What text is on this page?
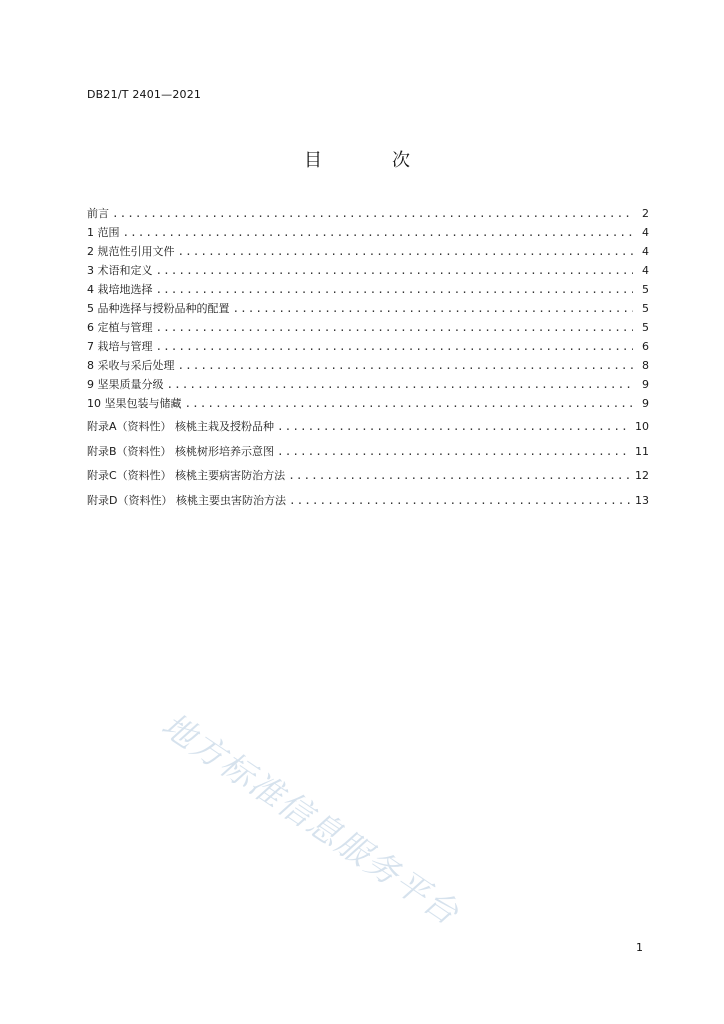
DB21/T 2401—2021
目　次
前言 . . .	2
1 范围 . . .	4
2 规范性引用文件 . . .	4
3 术语和定义 . . .	4
4 栽培地选择 . . .	5
5 品种选择与授粉品种的配置 . . .	5
6 定植与管理 . . .	5
7 栽培与管理 . . .	6
8 采收与采后处理 . . .	8
9 坚果质量分级 . . .	9
10 坚果包装与储藏 . . .	9
附录A（资料性） 核桃主栽及授粉品种 . . .	10
附录B（资料性） 核桃树形培养示意图 . . .	11
附录C（资料性） 核桃主要病害防治方法 . . .	12
附录D（资料性） 核桃主要虫害防治方法 . . .	13
地方标准信息服务平台
1
